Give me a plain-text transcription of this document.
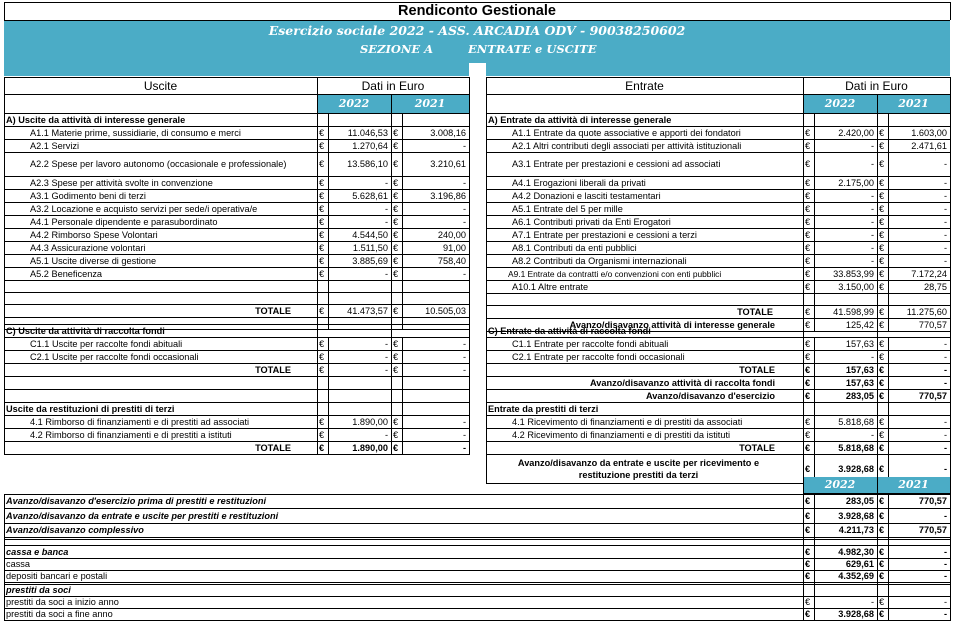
Rendiconto Gestionale
Esercizio sociale 2022 - ASS. ARCADIA ODV - 90038250602
SEZIONE A	ENTRATE e USCITE
Uscite	Dati in Euro
2022	2021
Entrate	Dati in Euro
2022	2021
A) Uscite da attività di interesse generale
A1.1 Materie prime, sussidiarie, di consumo e merci	€	11.046,53 €	3.008,16
A2.1 Servizi	€	1.270,64 €	-
A2.2 Spese per lavoro autonomo (occasionale e professionale)	€	13.586,10 €	3.210,61
A2.3 Spese per attività svolte in convenzione	€	- €	-
A3.1 Godimento beni di terzi	€	5.628,61 €	3.196,86
A3.2 Locazione e acquisto servizi per sede/i operativa/e	€	- €	-
A4.1 Personale dipendente e parasubordinato	€	- €	-
A4.2 Rimborso Spese Volontari	€	4.544,50 €	240,00
A4.3 Assicurazione volontari	€	1.511,50 €	91,00
A5.1 Uscite diverse di gestione	€	3.885,69 €	758,40
A5.2 Beneficenza	€	- €	-
TOTALE	€	41.473,57 €	10.505,03
C) Uscite da attività di raccolta fondi
C1.1 Uscite per raccolte fondi abituali	€	- €	-
C2.1 Uscite per raccolte fondi occasionali	€	- €	-
TOTALE	€	- €	-
Uscite da restituzioni di prestiti di terzi
4.1 Rimborso di finanziamenti e di prestiti ad associati	€	1.890,00 €	-
4.2 Rimborso di finanziamenti e di prestiti a istituti	€	- €	-
TOTALE	€	1.890,00 €	-
A) Entrate da attività di interesse generale
A1.1 Entrate da quote associative e apporti dei fondatori	€	2.420,00 €	1.603,00
A2.1 Altri contributi degli associati per attività istituzionali	€	- €	2.471,61
A3.1 Entrate per prestazioni e cessioni ad associati	€	- €	-
A4.1 Erogazioni liberali da privati	€	2.175,00 €	-
A4.2 Donazioni e lasciti testamentari	€	- €	-
A5.1 Entrate del 5 per mille	€	- €	-
A6.1 Contributi privati da Enti Erogatori	€	- €	-
A7.1 Entrate per prestazioni e cessioni a terzi	€	- €	-
A8.1 Contributi da enti pubblici	€	- €	-
A8.2 Contributi da Organismi internazionali	€	- €	-
A9.1 Entrate da contratti e/o convenzioni con enti pubblici	€	33.853,99 €	7.172,24
A10.1 Altre entrate	€	3.150,00 €	28,75
TOTALE	€	41.598,99 €	11.275,60
Avanzo/disavanzo attività di interesse generale	€	125,42 €	770,57
C) Entrate da attività di raccolta fondi
C1.1 Entrate per raccolte fondi abituali	€	157,63 €	-
C2.1 Entrate per raccolte fondi occasionali	€	- €	-
TOTALE	€	157,63 €	-
Avanzo/disavanzo attività di raccolta fondi	€	157,63 €	-
Avanzo/disavanzo d'esercizio	€	283,05 €	770,57
Entrate da prestiti di terzi
4.1 Ricevimento di finanziamenti e di prestiti da associati	€	5.818,68 €	-
4.2 Ricevimento di finanziamenti e di prestiti da istituti	€	- €	-
TOTALE	€	5.818,68 €	-
Avanzo/disavanzo da entrate e uscite per ricevimento e
restituzione prestiti da terzi
€	3.928,68 €	-
2022	2021
Avanzo/disavanzo d'esercizio prima di prestiti e restituzioni	€	283,05 €	770,57
Avanzo/disavanzo da entrate e uscite per prestiti e restituzioni	€	3.928,68 €	-
Avanzo/disavanzo complessivo	€	4.211,73 €	770,57
cassa e banca	€	4.982,30 €	-
cassa	€	629,61 €	-
depositi bancari e postali	€	4.352,69 €	-
prestiti da soci
prestiti da soci a inizio anno	€	- €	-
prestiti da soci a fine anno	€	3.928,68 €	-
